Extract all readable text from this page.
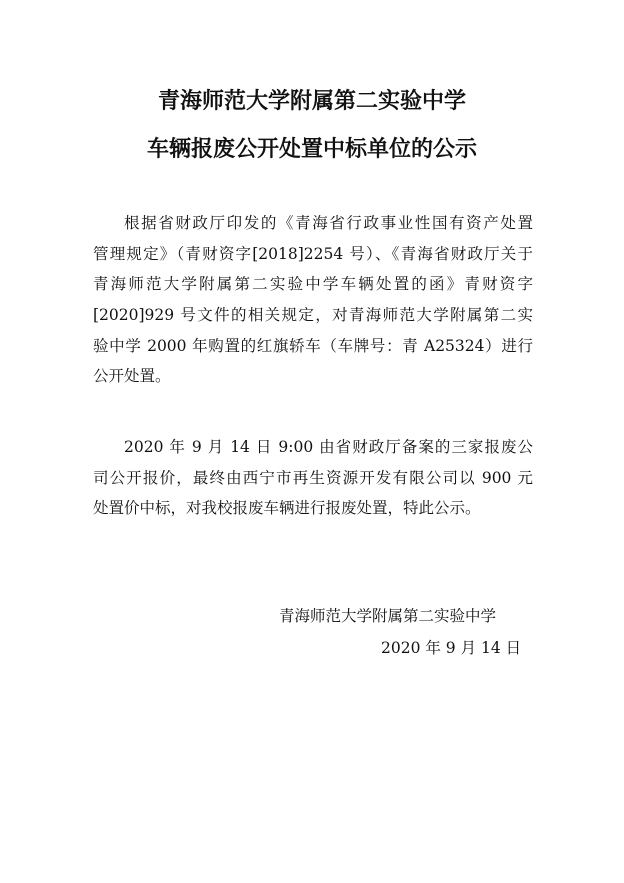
青海师范大学附属第二实验中学
车辆报废公开处置中标单位的公示
根据省财政厅印发的《青海省行政事业性国有资产处置
管理规定》（青财资字[2018]2254 号）、《青海省财政厅关于
青海师范大学附属第二实验中学车辆处置的函》青财资字
[2020]929 号文件的相关规定，对青海师范大学附属第二实
验中学 2000 年购置的红旗轿车（车牌号：青 A25324）进行
公开处置。
2020 年 9 月 14 日 9:00 由省财政厅备案的三家报废公
司公开报价，最终由西宁市再生资源开发有限公司以 900 元
处置价中标，对我校报废车辆进行报废处置，特此公示。
青海师范大学附属第二实验中学
2020 年 9 月 14 日
